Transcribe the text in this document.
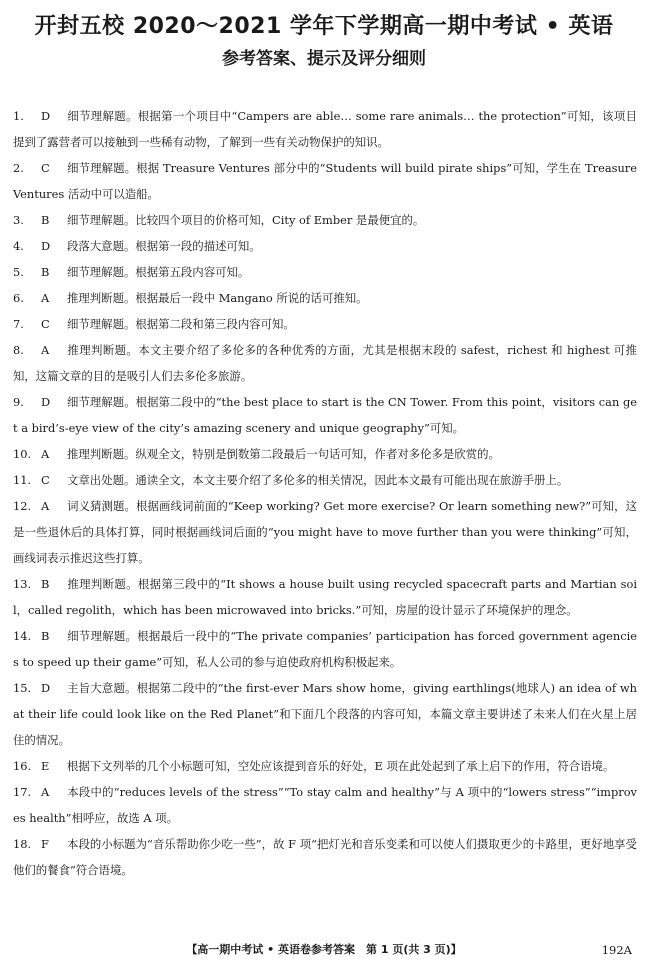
开封五校 2020～2021 学年下学期高一期中考试 • 英语
参考答案、提示及评分细则
1. D 细节理解题。根据第一个项目中“Campers are able… some rare animals… the protection”可知，该项目提到了露营者可以接触到一些稀有动物，了解到一些有关动物保护的知识。
2. C 细节理解题。根据 Treasure Ventures 部分中的“Students will build pirate ships”可知，学生在 Treasure Ventures 活动中可以造船。
3. B 细节理解题。比较四个项目的价格可知，City of Ember 是最便宜的。
4. D 段落大意题。根据第一段的描述可知。
5. B 细节理解题。根据第五段内容可知。
6. A 推理判断题。根据最后一段中 Mangano 所说的话可推知。
7. C 细节理解题。根据第二段和第三段内容可知。
8. A 推理判断题。本文主要介绍了多伦多的各种优秀的方面，尤其是根据末段的 safest，richest 和 highest 可推知，这篇文章的目的是吸引人们去多伦多旅游。
9. D 细节理解题。根据第二段中的“the best place to start is the CN Tower. From this point，visitors can get a bird’s-eye view of the city’s amazing scenery and unique geography”可知。
10. A 推理判断题。纵观全文，特别是倒数第二段最后一句话可知，作者对多伦多是欣赏的。
11. C 文章出处题。通读全文，本文主要介绍了多伦多的相关情况，因此本文最有可能出现在旅游手册上。
12. A 词义猜测题。根据画线词前面的“Keep working? Get more exercise? Or learn something new?”可知，这是一些退休后的具体打算，同时根据画线词后面的“you might have to move further than you were thinking”可知，画线词表示推迟这些打算。
13. B 推理判断题。根据第三段中的“It shows a house built using recycled spacecraft parts and Martian soil，called regolith，which has been microwaved into bricks.”可知，房屋的设计显示了环境保护的理念。
14. B 细节理解题。根据最后一段中的“The private companies’ participation has forced government agencies to speed up their game”可知，私人公司的参与迫使政府机构积极起来。
15. D 主旨大意题。根据第二段中的“the first-ever Mars show home，giving earthlings(地球人) an idea of what their life could look like on the Red Planet”和下面几个段落的内容可知，本篇文章主要讲述了未来人们在火星上居住的情况。
16. E 根据下文列举的几个小标题可知，空处应该提到音乐的好处，E 项在此处起到了承上启下的作用，符合语境。
17. A 本段中的“reduces levels of the stress”“To stay calm and healthy”与 A 项中的“lowers stress”“improves health”相呼应，故选 A 项。
18. F 本段的小标题为“音乐帮助你少吃一些”，故 F 项“把灯光和音乐变柔和可以使人们摄取更少的卡路里，更好地享受他们的餐食”符合语境。
【高一期中考试 • 英语卷参考答案　第 1 页(共 3 页)】	192A
